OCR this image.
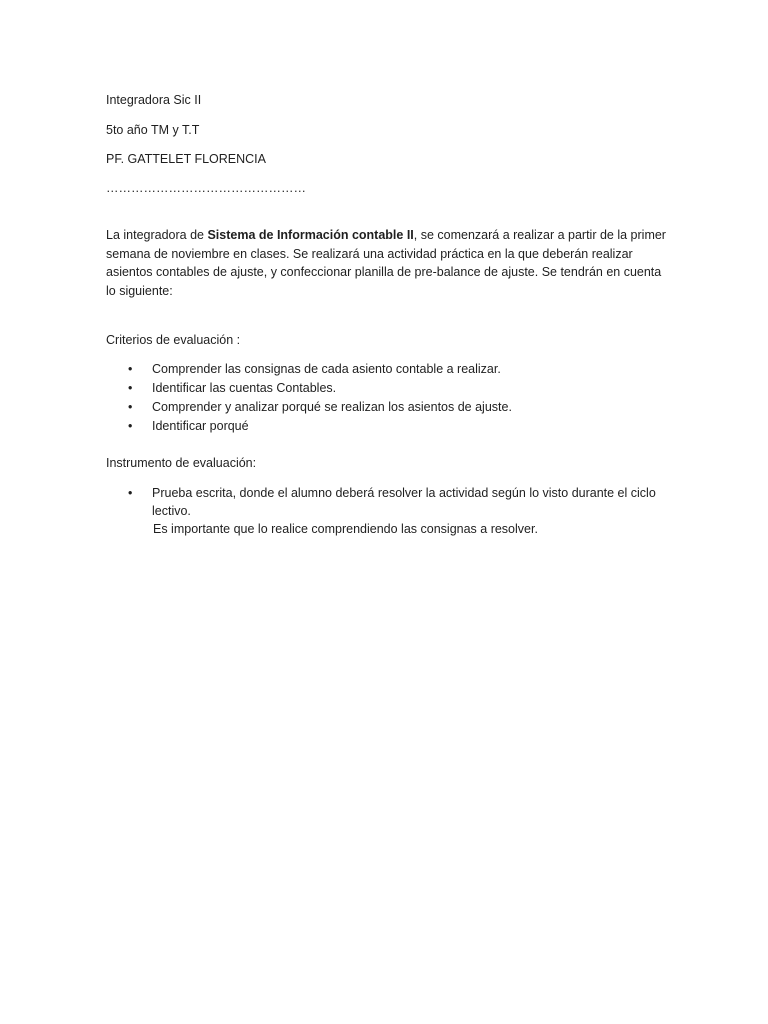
Integradora Sic II
5to año TM y T.T
PF. GATTELET FLORENCIA
…………………………………………
La integradora de Sistema de Información contable II, se comenzará a realizar a partir de la primer semana de noviembre en clases. Se realizará una actividad práctica en la que deberán realizar asientos contables de ajuste, y confeccionar planilla de pre-balance de ajuste. Se tendrán en cuenta lo siguiente:
Criterios de evaluación :
• Comprender las consignas de cada asiento contable a realizar.
• Identificar las cuentas Contables.
• Comprender y analizar porqué se realizan los asientos de ajuste.
• Identificar porqué
Instrumento de evaluación:
• Prueba escrita, donde el alumno deberá resolver la actividad según lo visto durante el ciclo lectivo.
Es importante que lo realice comprendiendo las consignas a resolver.
